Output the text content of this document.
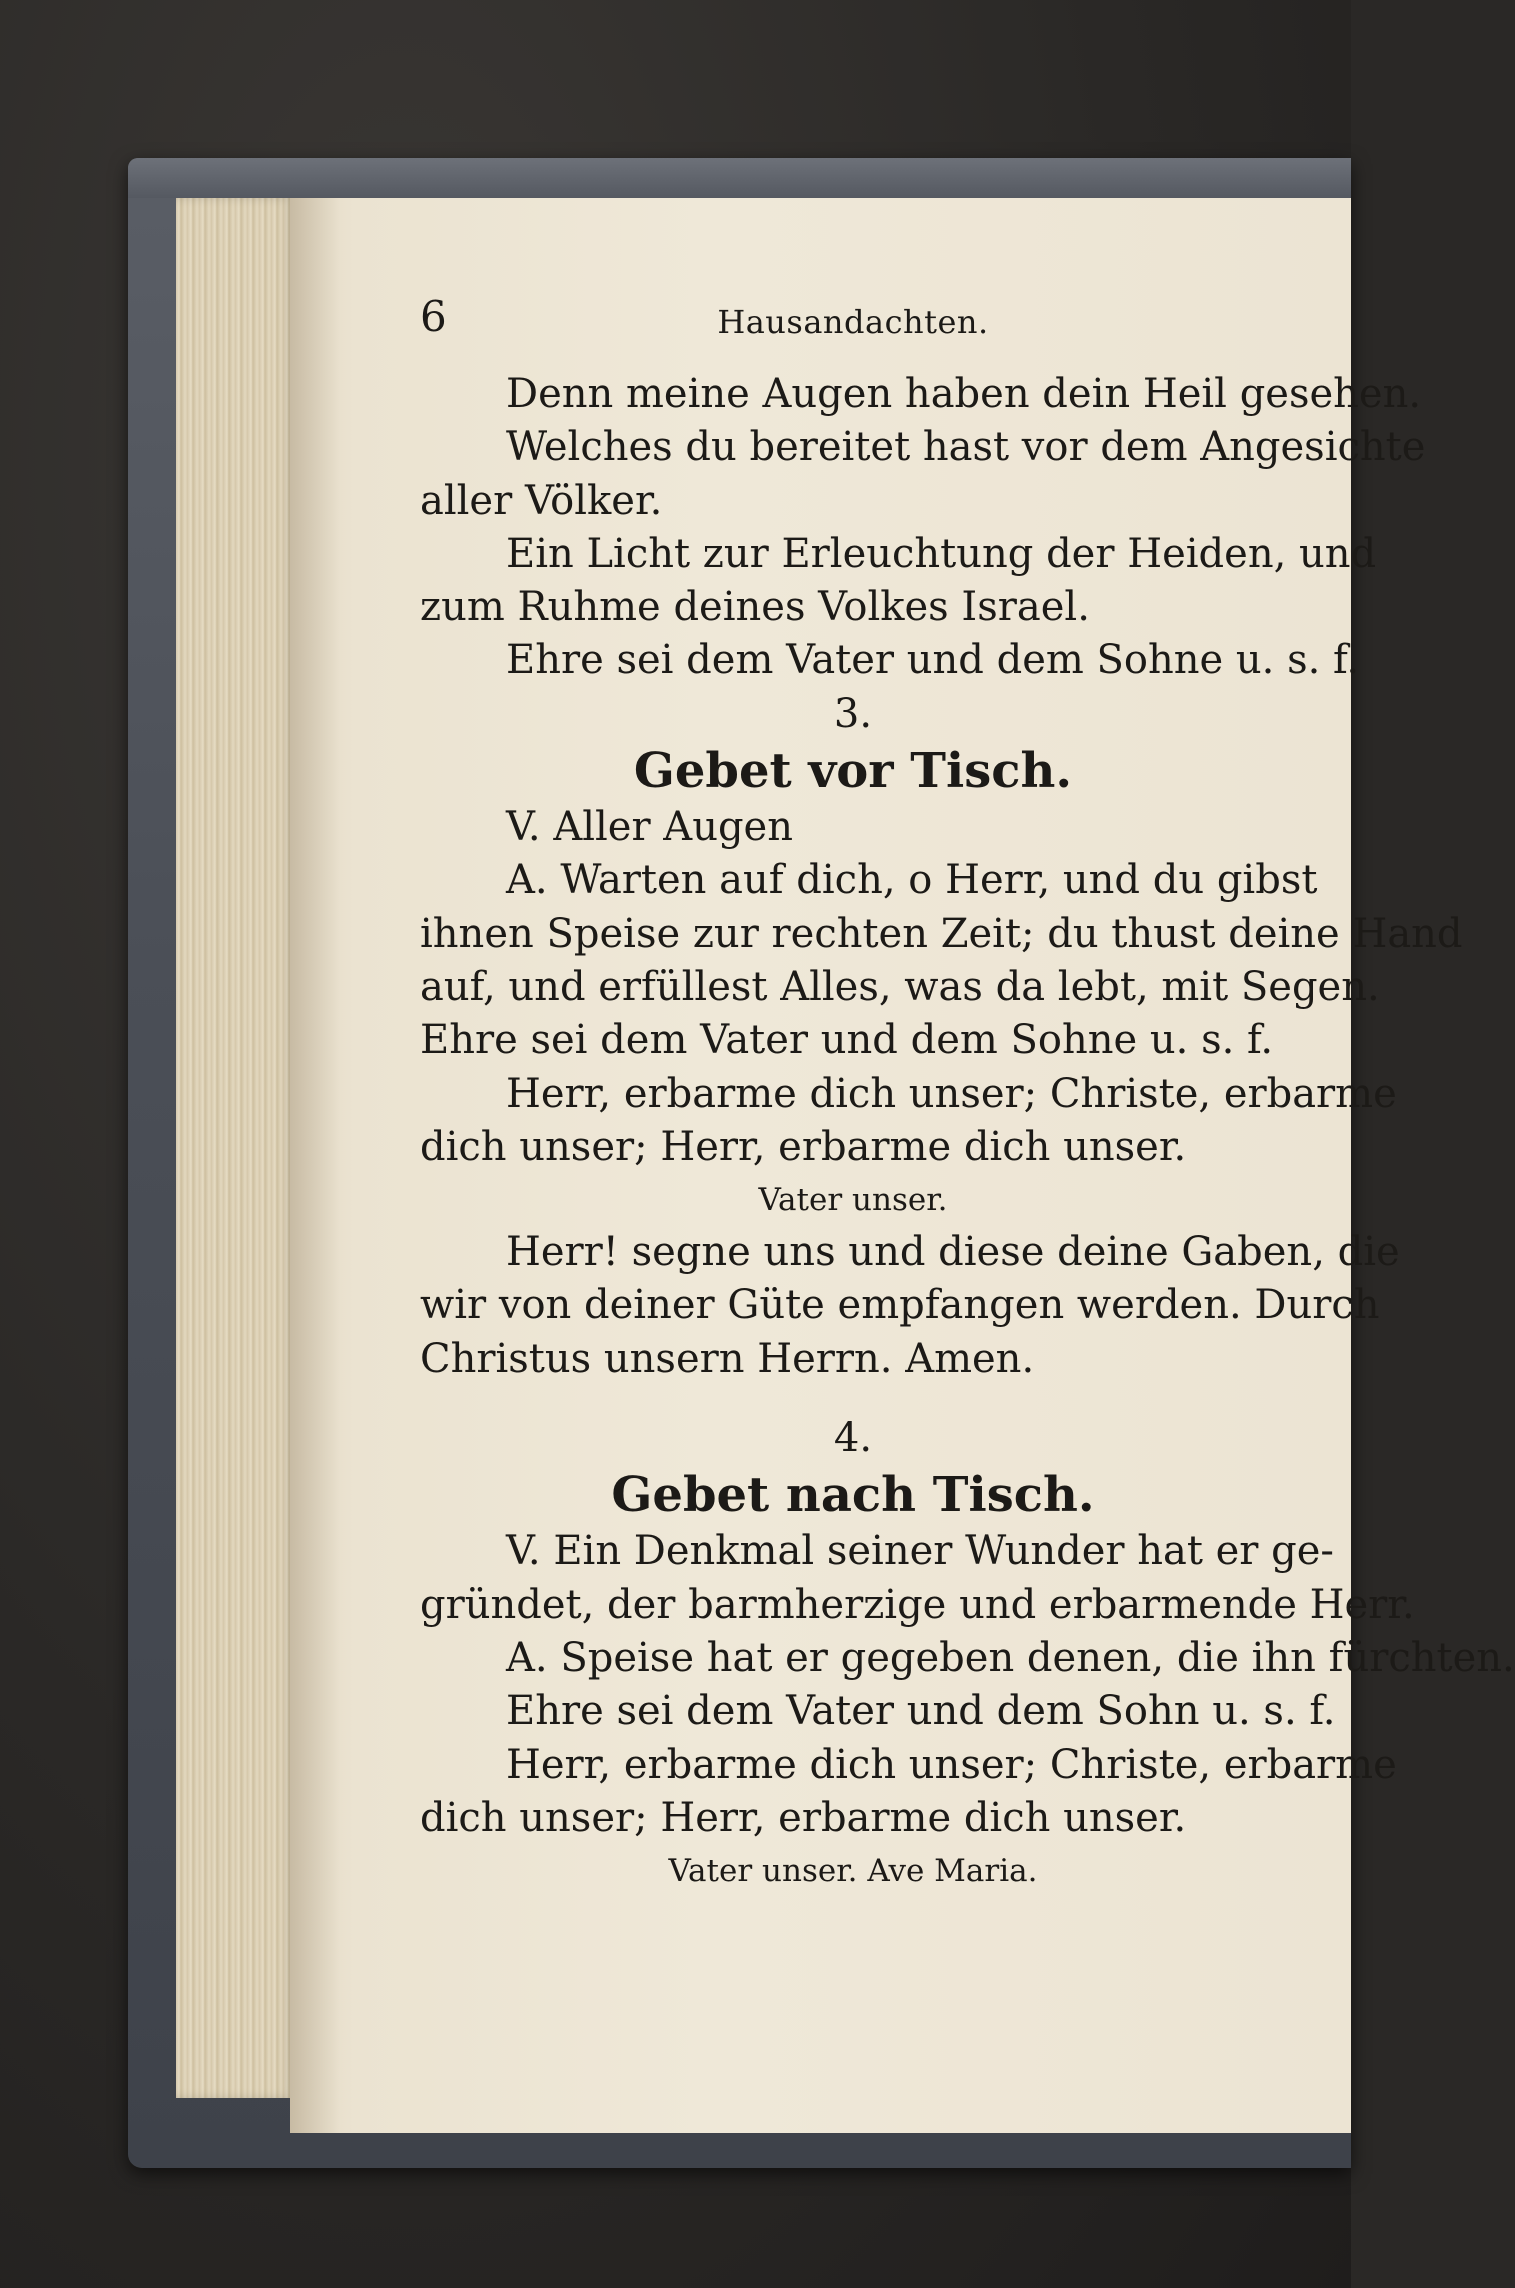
6	Hausandachten.
Denn meine Augen haben dein Heil gesehen.
Welches du bereitet hast vor dem Angesichte
aller Völker.
Ein Licht zur Erleuchtung der Heiden, und
zum Ruhme deines Volkes Israel.
Ehre sei dem Vater und dem Sohne u. s. f.
3.
Gebet vor Tisch.
V. Aller Augen
A. Warten auf dich, o Herr, und du gibst
ihnen Speise zur rechten Zeit; du thust deine Hand
auf, und erfüllest Alles, was da lebt, mit Segen.
Ehre sei dem Vater und dem Sohne u. s. f.
Herr, erbarme dich unser; Christe, erbarme
dich unser; Herr, erbarme dich unser.
Vater unser.
Herr! segne uns und diese deine Gaben, die
wir von deiner Güte empfangen werden. Durch
Christus unsern Herrn. Amen.
4.
Gebet nach Tisch.
V. Ein Denkmal seiner Wunder hat er ge-
gründet, der barmherzige und erbarmende Herr.
A. Speise hat er gegeben denen, die ihn fürchten.
Ehre sei dem Vater und dem Sohn u. s. f.
Herr, erbarme dich unser; Christe, erbarme
dich unser; Herr, erbarme dich unser.
Vater unser. Ave Maria.
